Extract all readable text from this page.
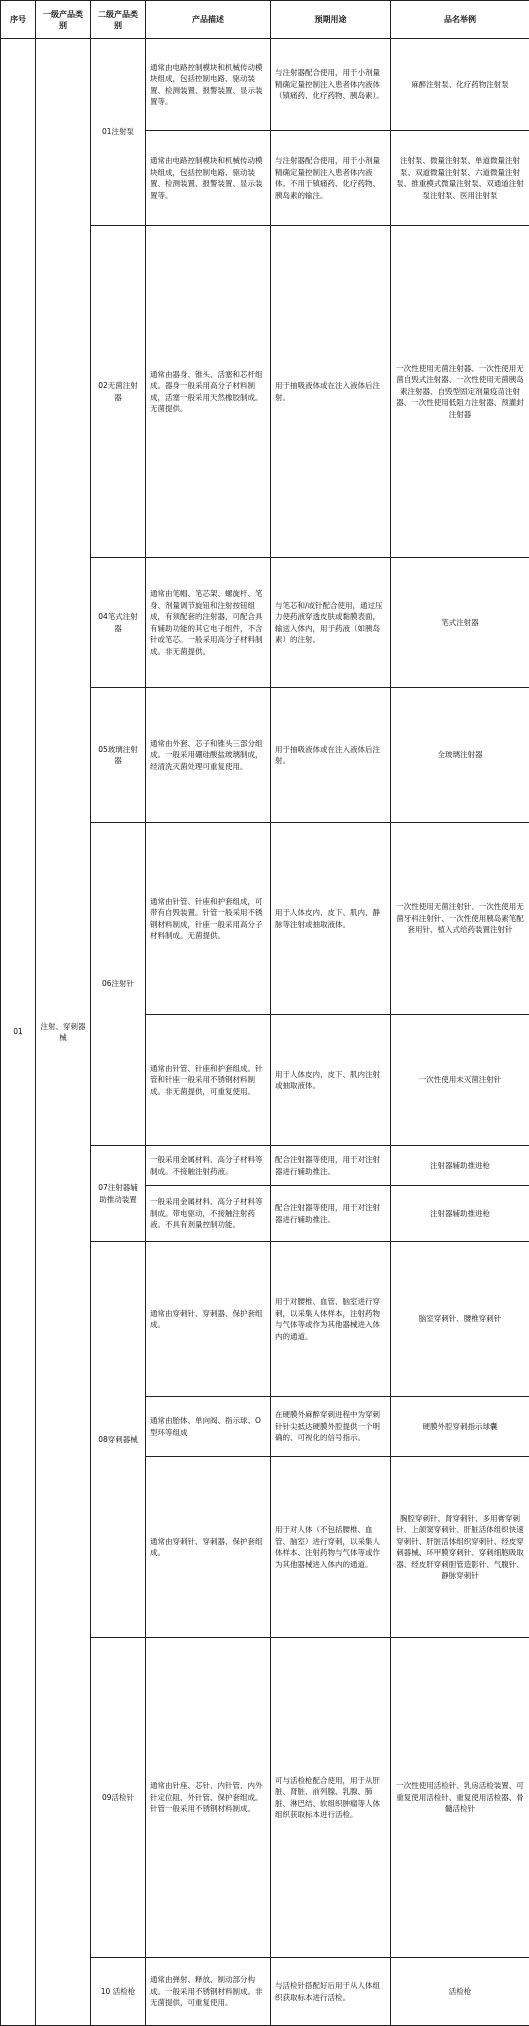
序号	一级产品类别	二级产品类别	产品描述	预期用途	品名举例
01	注射、穿刺器械	01注射泵	通常由电路控制模块和机械传动模块组成，包括控制电路、驱动装置、检测装置、报警装置、显示装置等。	与注射器配合使用，用于小剂量精确定量控制注入患者体内液体（镇痛药、化疗药物、胰岛素）。	麻醉注射泵、化疗药物注射泵
			通常由电路控制模块和机械传动模块组成，包括控制电路、驱动装置、检测装置、报警装置、显示装置等。	与注射器配合使用，用于小剂量精确定量控制注入患者体内液体。不用于镇痛药、化疗药物、胰岛素的输注。	注射泵、微量注射泵、单道微量注射泵、双道微量注射泵、六道微量注射泵、推重模式微量注射泵、双通道注射泵注射泵、医用注射泵
		02无菌注射器	通常由器身、锥头、活塞和芯杆组成。器身一般采用高分子材料制成，活塞一般采用天然橡胶制成。无菌提供。	用于抽吸液体或在注入液体后注射。	一次性使用无菌注射器、一次性使用无菌自毁式注射器、一次性使用无菌胰岛素注射器、自毁型固定剂量疫苗注射器、一次性使用低阻力注射器、预灌封注射器
		04笔式注射器	通常由笔帽、笔芯架、螺旋杆、笔身、剂量调节旋钮和注射按钮组成，有须配套的注射器，可配合具有辅助功能的其它电子组件，不含针或笔芯。一般采用高分子材料制成。非无菌提供。	与笔芯和/或针配合使用，通过压力使药液穿透皮肤或黏膜表面，输送入体内，用于药液（如胰岛素）的注射。	笔式注射器
		05玻璃注射器	通常由外套、芯子和锥头三部分组成。一般采用硼硅酸盐玻璃制成，经清洗灭菌处理可重复使用。	用于抽吸液体或在注入液体后注射。	全玻璃注射器
		06注射针	通常由针管、针座和护套组成，可带有自毁装置。针管一般采用不锈钢材料制成，针座一般采用高分子材料制成。无菌提供。	用于人体皮内、皮下、肌内、静脉等注射或抽取液体。	一次性使用无菌注射针、一次性使用无菌牙科注射针、一次性使用胰岛素笔配套用针、植入式给药装置注射针
			通常由针管、针座和护套组成。针管和针座一般采用不锈钢材料制成。非无菌提供，可重复使用。	用于人体皮内、皮下、肌内注射或抽取液体。	一次性使用未灭菌注射针
		07注射器辅助推动装置	一般采用金属材料、高分子材料等制成。不接触注射药液。	配合注射器等使用，用于对注射器进行辅助推注。	注射器辅助推进枪
			一般采用金属材料、高分子材料等制成。带电驱动，不接触注射药液。不具有剂量控制功能。	配合注射器等使用，用于对注射器进行辅助推注。	注射器辅助推进枪
		08穿刺器械	通常由穿刺针、穿刺器、保护套组成。	用于对腰椎、血管、脑室进行穿刺，以采集人体样本，注射药物与气体等或作为其他器械进入体内的通道。	脑室穿刺针、腰椎穿刺针
			通常由胎体、单向阀、指示球、O型环等组成	在硬膜外麻醉穿刺进程中为穿刺针针尖抵达硬膜外腔提供一个明确的、可视化的信号指示。	硬膜外腔穿刺指示球囊
			通常由穿刺针、穿刺器、保护套组成。	用于对人体（不包括腰椎、血管、脑室）进行穿刺，以采集人体样本、注射药物与气体等或作为其他器械进入体内的通道。	胸腔穿刺针、肾穿刺针、多用膏穿刺针、上颌窦穿刺针、肝脏活体组织快速穿刺针、肝脏活体组织穿刺针、经皮穿刺器械、环甲膜穿刺针、穿刺细胞吸取器、经皮肝穿刺胆管造影针、气腹针、静脉穿刺针
		09活检针	通常由针座、芯针、内针管、内外针定位阻、外针管、保护套组成。针管一般采用不锈钢材料制成。	可与活检枪配合使用，用于从肝脏、肾脏、前列腺、乳腺、肺脏、淋巴结、软组织肿瘤等人体组织获取标本进行活检。	一次性使用活检针、乳房活检装置、可重复使用活检针、重复使用活检器、骨髓活检针
		10 活检枪	通常由弹射、释放、制动部分构成。一般采用不锈钢材料制成。非无菌提供，可重复使用。	与活检针搭配好后用于从人体组织获取标本进行活检。	活检枪
